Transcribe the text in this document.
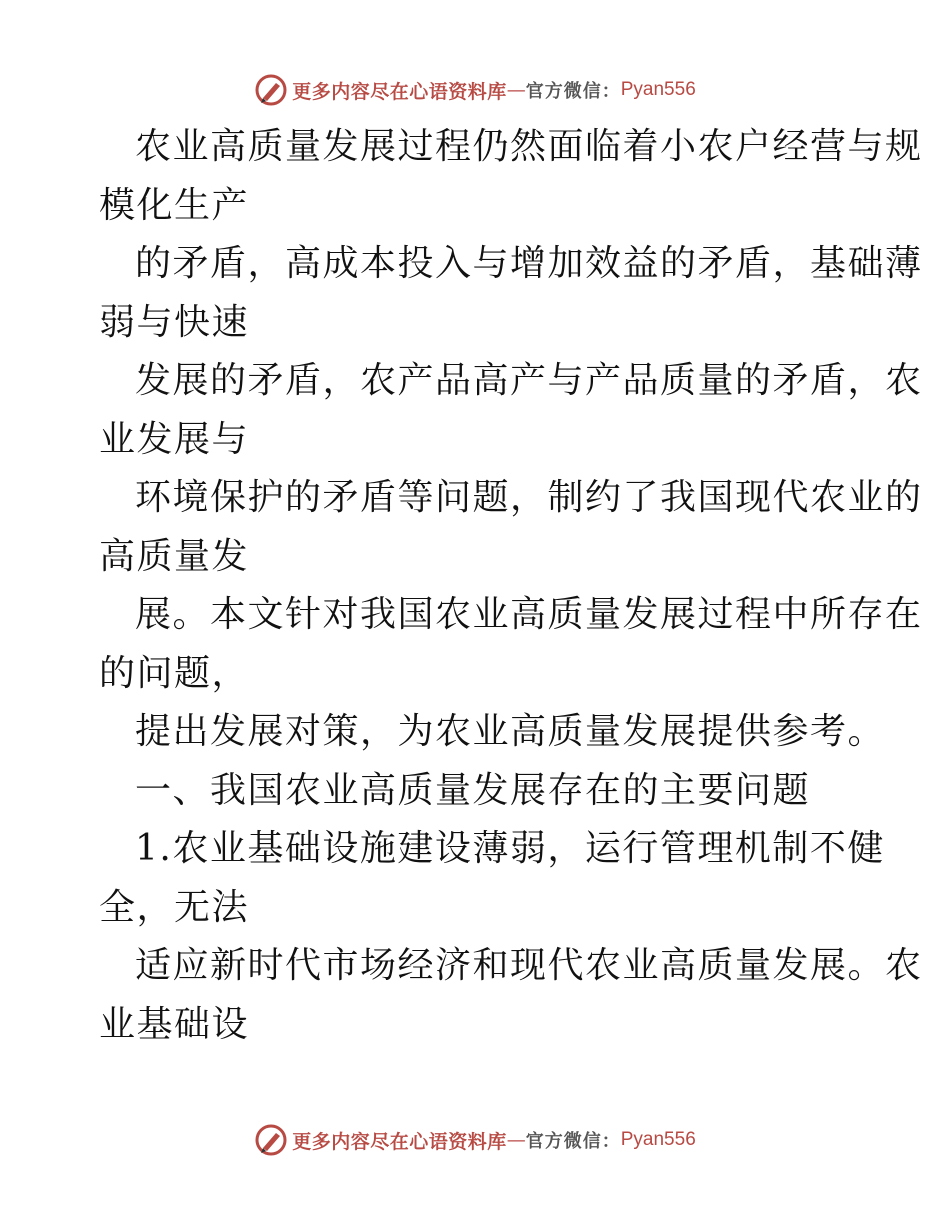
更多内容尽在心语资料库 — 官方微信： Pyan556
农业高质量发展过程仍然面临着小农户经营与规
模化生产
的矛盾，高成本投入与增加效益的矛盾，基础薄
弱与快速
发展的矛盾，农产品高产与产品质量的矛盾，农
业发展与
环境保护的矛盾等问题，制约了我国现代农业的
高质量发
展。本文针对我国农业高质量发展过程中所存在
的问题，
提出发展对策，为农业高质量发展提供参考。
一、我国农业高质量发展存在的主要问题
1.农业基础设施建设薄弱，运行管理机制不健
全，无法
适应新时代市场经济和现代农业高质量发展。农
业基础设
更多内容尽在心语资料库 — 官方微信： Pyan556
